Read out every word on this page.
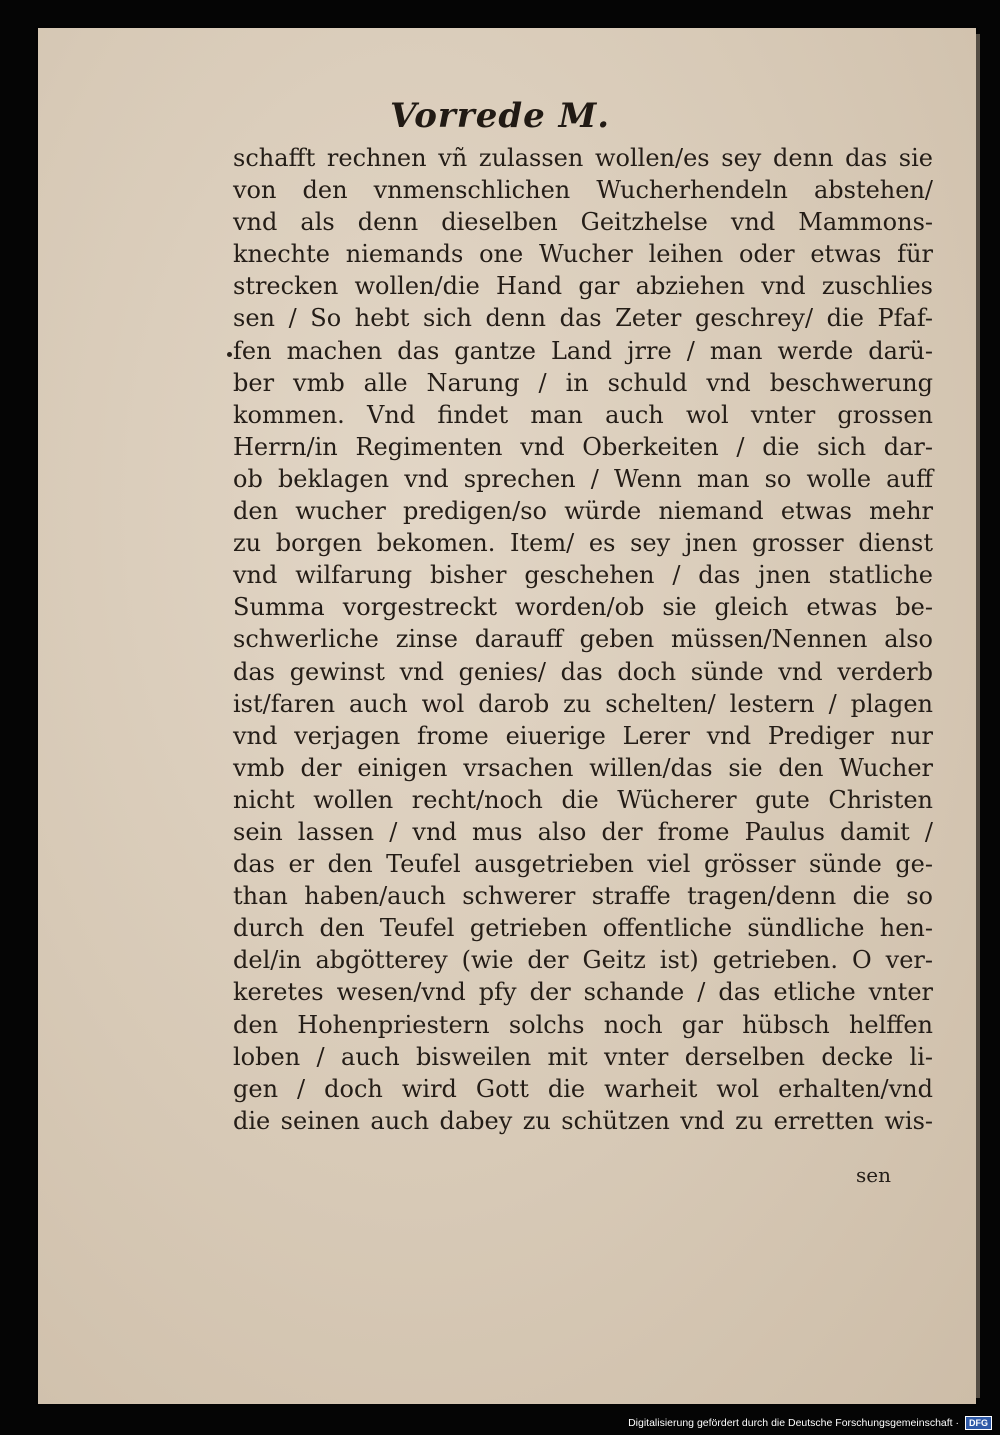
Vorrede M.
schafft rechnen vñ zulassen wollen/es sey denn das sie
von den vnmenschlichen Wucherhendeln abstehen/
vnd als denn dieselben Geitzhelse vnd Mammons-
knechte niemands one Wucher leihen oder etwas für
strecken wollen/die Hand gar abziehen vnd zuschlies
sen / So hebt sich denn das Zeter geschrey/ die Pfaf-
fen machen das gantze Land jrre / man werde darü-
ber vmb alle Narung / in schuld vnd beschwerung
kommen. Vnd findet man auch wol vnter grossen
Herrn/in Regimenten vnd Oberkeiten / die sich dar-
ob beklagen vnd sprechen / Wenn man so wolle auff
den wucher predigen/so würde niemand etwas mehr
zu borgen bekomen. Item/ es sey jnen grosser dienst
vnd wilfarung bisher geschehen / das jnen statliche
Summa vorgestreckt worden/ob sie gleich etwas be-
schwerliche zinse darauff geben müssen/Nennen also
das gewinst vnd genies/ das doch sünde vnd verderb
ist/faren auch wol darob zu schelten/ lestern / plagen
vnd verjagen frome eiuerige Lerer vnd Prediger nur
vmb der einigen vrsachen willen/das sie den Wucher
nicht wollen recht/noch die Wücherer gute Christen
sein lassen / vnd mus also der frome Paulus damit /
das er den Teufel ausgetrieben viel grösser sünde ge-
than haben/auch schwerer straffe tragen/denn die so
durch den Teufel getrieben offentliche sündliche hen-
del/in abgötterey (wie der Geitz ist) getrieben. O ver-
keretes wesen/vnd pfy der schande / das etliche vnter
den Hohenpriestern solchs noch gar hübsch helffen
loben / auch bisweilen mit vnter derselben decke li-
gen / doch wird Gott die warheit wol erhalten/vnd
die seinen auch dabey zu schützen vnd zu erretten wis-
sen
Digitalisierung gefördert durch die Deutsche Forschungsgemeinschaft ·	DFG
